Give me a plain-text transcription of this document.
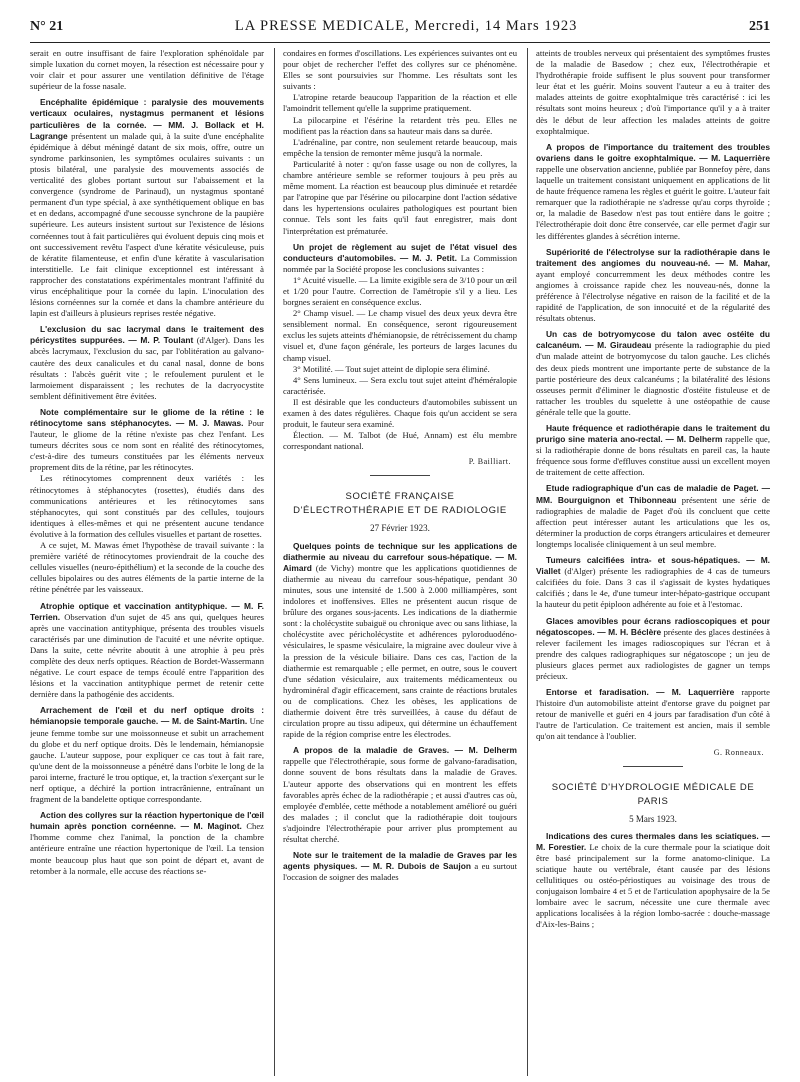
N° 21	LA PRESSE MEDICALE, Mercredi, 14 Mars 1923	251

serait en outre insuffisant de faire l'exploration sphénoïdale par simple luxation du cornet moyen, la résection est nécessaire pour y voir clair et pour assurer une ventilation définitive de l'étage supérieur de la fosse nasale.

Encéphalite épidémique : paralysie des mouvements verticaux oculaires, nystagmus permanent et lésions particulières de la cornée. — MM. J. Bollack et H. Lagrange présentent un malade qui, à la suite d'une encéphalite épidémique à début méningé datant de six mois, offre, outre un syndrome parkinsonien, les symptômes oculaires suivants : un ptosis bilatéral, une paralysie des mouvements associés de verticalité des globes portant surtout sur l'abaissement et la convergence (syndrome de Parinaud), un nystagmus spontané permanent d'un type spécial, à axe synthétiquement oblique en bas et en dedans, accompagné d'une secousse synchrone de la paupière supérieure. Les auteurs insistent surtout sur l'existence de lésions cornéennes tout à fait particulières qui évoluent depuis cinq mois et ont successivement revêtu l'aspect d'une kératite vésiculeuse, puis de kératite filamenteuse, et enfin d'une kératite à vascularisation interstitielle. Le fait clinique exceptionnel est intéressant à rapprocher des constatations expérimentales montrant l'affinité du virus encéphalitique pour la cornée du lapin. L'inoculation des lésions cornéennes sur la cornée et dans la chambre antérieure du lapin est d'ailleurs à plusieurs reprises restée négative.

L'exclusion du sac lacrymal dans le traitement des péricystites suppurées. — M. P. Toulant (d'Alger). Dans les abcès lacrymaux, l'exclusion du sac, par l'oblitération au galvano-cautère des deux canalicules et du canal nasal, donne de bons résultats : l'abcès guérit vite ; le refoulement purulent et le larmoiement disparaissent ; les rechutes de la dacryocystite semblent définitivement être évitées.

Note complémentaire sur le gliome de la rétine : le rétinocytome sans stéphanocytes. — M. J. Mawas. Pour l'auteur, le gliome de la rétine n'existe pas chez l'enfant. Les tumeurs décrites sous ce nom sont en réalité des rétinocytomes, c'est-à-dire des tumeurs constituées par les éléments nerveux proprement dits de la rétine, par les rétinocytes.

Les rétinocytomes comprennent deux variétés : les rétinocytomes à stéphanocytes (rosettes), étudiés dans des communications antérieures et les rétinocytomes sans stéphanocytes, qui sont constitués par des cellules, toujours identiques à elles-mêmes et qui ne présentent aucune tendance évolutive à la formation des cellules visuelles et partant de rosettes.

A ce sujet, M. Mawas émet l'hypothèse de travail suivante : la première variété de rétinocytomes proviendrait de la couche des cellules visuelles (neuro-épithélium) et la seconde de la couche des cellules bipolaires ou des autres éléments de la partie interne de la rétine pénétrée par les vaisseaux.

Atrophie optique et vaccination antityphique. — M. F. Terrien. Observation d'un sujet de 45 ans qui, quelques heures après une vaccination antityphique, présenta des troubles visuels caractérisés par une diminution de l'acuité et une névrite optique. Dans la suite, cette névrite aboutit à une atrophie à peu près complète des deux nerfs optiques. Réaction de Bordet-Wassermann négative. Le court espace de temps écoulé entre l'apparition des lésions et la vaccination antityphique permet de retenir cette dernière dans la pathogénie des accidents.

Arrachement de l'œil et du nerf optique droits : hémianopsie temporale gauche. — M. de Saint-Martin. Une jeune femme tombe sur une moissonneuse et subit un arrachement du globe et du nerf optique droits. Dès le lendemain, hémianopsie gauche. L'auteur suppose, pour expliquer ce cas tout à fait rare, qu'une dent de la moissonneuse a pénétré dans l'orbite le long de la paroi interne, fracturé le trou optique, et, la traction s'exerçant sur le nerf optique, a déchiré la portion intracrânienne, entraînant un fragment de la bandelette optique correspondante.

Action des collyres sur la réaction hypertonique de l'œil humain après ponction cornéenne. — M. Maginot. Chez l'homme comme chez l'animal, la ponction de la chambre antérieure entraîne une réaction hypertonique de l'œil. La tension monte beaucoup plus haut que son point de départ et, avant de retomber à la normale, elle accuse des réactions se-

condaires en formes d'oscillations. Les expériences suivantes ont eu pour objet de rechercher l'effet des collyres sur ce phénomène. Elles se sont poursuivies sur l'homme. Les résultats sont les suivants :

L'atropine retarde beaucoup l'apparition de la réaction et elle l'amoindrit tellement qu'elle la supprime pratiquement.

La pilocarpine et l'ésérine la retardent très peu. Elles ne modifient pas la réaction dans sa hauteur mais dans sa durée.

L'adrénaline, par contre, non seulement retarde beaucoup, mais empêche la tension de remonter même jusqu'à la normale.

Particularité à noter : qu'on fasse usage ou non de collyres, la chambre antérieure semble se reformer toujours à peu près au même moment. La réaction est beaucoup plus diminuée et retardée par l'atropine que par l'ésérine ou pilocarpine dont l'action sédative dans les hypertensions oculaires pathologiques est pourtant bien connue. Tels sont les faits qu'il faut enregistrer, mais dont l'interprétation est prématurée.

Un projet de règlement au sujet de l'état visuel des conducteurs d'automobiles. — M. J. Petit. La Commission nommée par la Société propose les conclusions suivantes :

1° Acuité visuelle. — La limite exigible sera de 3/10 pour un œil et 1/20 pour l'autre. Correction de l'amétropie s'il y a lieu. Les borgnes seraient en conséquence exclus.

2° Champ visuel. — Le champ visuel des deux yeux devra être sensiblement normal. En conséquence, seront rigoureusement exclus les sujets atteints d'hémianopsie, de rétrécissement du champ visuel et, d'une façon générale, les porteurs de larges lacunes du champ visuel.

3° Motilité. — Tout sujet atteint de diplopie sera éliminé.

4° Sens lumineux. — Sera exclu tout sujet atteint d'héméralopie caractérisée.

Il est désirable que les conducteurs d'automobiles subissent un examen à des dates régulières. Chaque fois qu'un accident se sera produit, le fauteur sera examiné.

Élection. — M. Talbot (de Hué, Annam) est élu membre correspondant national.

P. Bailliart.
SOCIÉTÉ FRANÇAISE
D'ÉLECTROTHÉRAPIE ET DE RADIOLOGIE
27 Février 1923.

Quelques points de technique sur les applications de diathermie au niveau du carrefour sous-hépatique. — M. Aimard (de Vichy) montre que les applications quotidiennes de diathermie au niveau du carrefour sous-hépatique, pendant 30 minutes, sous une intensité de 1.500 à 2.000 milliampères, sont indolores et inoffensives. Elles ne présentent aucun risque de brûlure des organes sous-jacents. Les indications de la diathermie sont : la cholécystite subaiguë ou chronique avec ou sans lithiase, la cholécystite avec péricholécystite et adhérences pyloroduodéno-vésiculaires, le spasme vésiculaire, la migraine avec douleur vive à la pression de la vésicule biliaire. Dans ces cas, l'action de la diathermie est remarquable ; elle permet, en outre, sous le couvert d'une sédation vésiculaire, aux traitements médicamenteux ou hydrominéral d'agir efficacement, sans crainte de réactions brutales ou de complications. Chez les obèses, les applications de diathermie doivent être très surveillées, à cause du défaut de circulation propre au tissu adipeux, qui détermine un échauffement rapide de la région comprise entre les électrodes.

A propos de la maladie de Graves. — M. Delherm rappelle que l'électrothérapie, sous forme de galvano-faradisation, donne souvent de bons résultats dans la maladie de Graves. L'auteur apporte des observations qui en montrent les effets favorables après échec de la radiothérapie ; et aussi d'autres cas où, employée d'emblée, cette méthode a notablement amélioré ou guéri des malades ; il conclut que la radiothérapie doit toujours s'adjoindre l'électrothérapie pour arriver plus promptement au résultat cherché.

Note sur le traitement de la maladie de Graves par les agents physiques. — M. R. Dubois de Saujon a eu surtout l'occasion de soigner des malades

atteints de troubles nerveux qui présentaient des symptômes frustes de la maladie de Basedow ; chez eux, l'électrothérapie et l'hydrothérapie froide suffisent le plus souvent pour transformer leur état et les guérir. Moins souvent l'auteur a eu à traiter des malades atteints de goitre exophtalmique très caractérisé : ici les résultats sont moins heureux ; d'où l'importance qu'il y a à traiter dès le début de leur affection les malades atteints de goitre exophtalmique.

A propos de l'importance du traitement des troubles ovariens dans le goitre exophtalmique. — M. Laquerrière rappelle une observation ancienne, publiée par Bonnefoy père, dans laquelle un traitement consistant uniquement en applications de lit de haute fréquence ramena les règles et guérit le goitre. L'auteur fait remarquer que la radiothérapie ne s'adresse qu'au corps thyroïde ; or, la maladie de Basedow n'est pas tout entière dans le goitre ; l'électrothérapie doit donc être conservée, car elle permet d'agir sur les différentes glandes à sécrétion interne.

Supériorité de l'électrolyse sur la radiothérapie dans le traitement des angiomes du nouveau-né. — M. Mahar, ayant employé concurremment les deux méthodes contre les angiomes à croissance rapide chez les nouveau-nés, donne la préférence à l'électrolyse négative en raison de la facilité et de la rapidité de l'application, de son innocuité et de la régularité des résultats obtenus.

Un cas de botryomycose du talon avec ostéite du calcanéum. — M. Giraudeau présente la radiographie du pied d'un malade atteint de botryomycose du talon gauche. Les clichés des deux pieds montrent une importante perte de substance de la partie postérieure des deux calcanéums ; la bilatéralité des lésions osseuses permit d'éliminer le diagnostic d'ostéite fistuleuse et de rattacher les troubles du squelette à une ostéopathie de cause générale telle que la goutte.

Haute fréquence et radiothérapie dans le traitement du prurigo sine materia ano-rectal. — M. Delherm rappelle que, si la radiothérapie donne de bons résultats en pareil cas, la haute fréquence sous forme d'effluves constitue aussi un excellent moyen de traitement de cette affection.

Etude radiographique d'un cas de maladie de Paget. — MM. Bourguignon et Thibonneau présentent une série de radiographies de maladie de Paget d'où ils concluent que cette affection peut intéresser autant les articulations que les os, déterminer la production de corps étrangers articulaires et demeurer longtemps localisée cliniquement à un seul membre.

Tumeurs calcifiées intra- et sous-hépatiques. — M. Viallet (d'Alger) présente les radiographies de 4 cas de tumeurs calcifiées du foie. Dans 3 cas il s'agissait de kystes hydatiques calcifiés ; dans le 4e, d'une tumeur inter-hépato-gastrique occupant la hauteur du petit épiploon adhérente au foie et à l'estomac.

Glaces amovibles pour écrans radioscopiques et pour négatoscopes. — M. H. Béclère présente des glaces destinées à relever facilement les images radioscopiques sur l'écran et à prendre des calques radiographiques sur négatoscope ; un jeu de plusieurs glaces permet aux radiologistes de gagner un temps précieux.

Entorse et faradisation. — M. Laquerrière rapporte l'histoire d'un automobiliste atteint d'entorse grave du poignet par retour de manivelle et guéri en 4 jours par faradisation d'un côté à l'autre de l'articulation. Ce traitement est ancien, mais il semble qu'on ait tendance à l'oublier.

G. Ronneaux.
SOCIÉTÉ D'HYDROLOGIE MÉDICALE DE PARIS
5 Mars 1923.

Indications des cures thermales dans les sciatiques. — M. Forestier. Le choix de la cure thermale pour la sciatique doit être basé principalement sur la forme anatomo-clinique. La sciatique haute ou vertébrale, étant causée par des lésions cellulitiques ou ostéo-périostiques au voisinage des trous de conjugaison lombaire 4 et 5 et de l'articulation apophysaire de la 5e lombaire avec le sacrum, nécessite une cure thermale avec applications localisées à la région lombo-sacrée : douche-massage d'Aix-les-Bains ;
